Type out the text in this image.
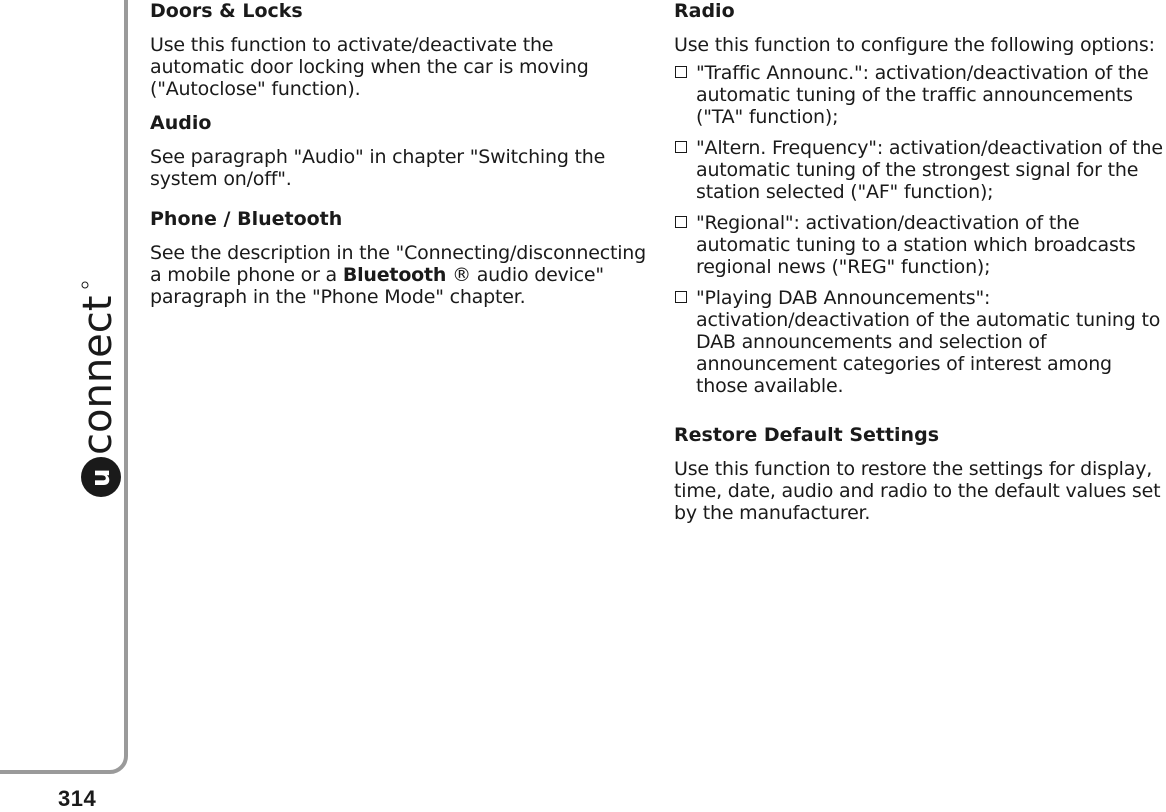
u
connect
314
Doors & Locks

Use this function to activate/deactivate the automatic door locking when the car is moving ("Autoclose" function).

Audio

See paragraph "Audio" in chapter "Switching the system on/off".

Phone / Bluetooth

See the description in the "Connecting/disconnecting a mobile phone or a Bluetooth ® audio device" paragraph in the "Phone Mode" chapter.

Radio

Use this function to configure the following options:

"Traffic Announc.": activation/deactivation of the automatic tuning of the traffic announcements ("TA" function);
"Altern. Frequency": activation/deactivation of the automatic tuning of the strongest signal for the station selected ("AF" function);
"Regional": activation/deactivation of the automatic tuning to a station which broadcasts regional news ("REG" function);
"Playing DAB Announcements": activation/deactivation of the automatic tuning to DAB announcements and selection of announcement categories of interest among those available.
Restore Default Settings

Use this function to restore the settings for display, time, date, audio and radio to the default values set by the manufacturer.
